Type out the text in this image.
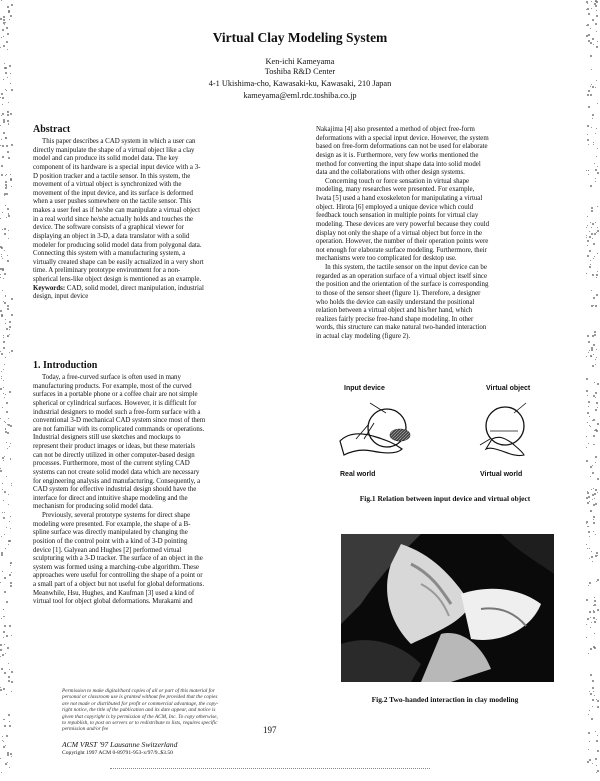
Virtual Clay Modeling System
Ken-ichi Kameyama
Toshiba R&D Center
4-1 Ukishima-cho, Kawasaki-ku, Kawasaki, 210 Japan
kameyama@eml.rdc.toshiba.co.jp
Abstract
This paper describes a CAD system in which a user can
directly manipulate the shape of a virtual object like a clay
model and can produce its solid model data. The key
component of its hardware is a special input device with a 3-
D position tracker and a tactile sensor. In this system, the
movement of a virtual object is synchronized with the
movement of the input device, and its surface is deformed
when a user pushes somewhere on the tactile sensor. This
makes a user feel as if he/she can manipulate a virtual object
in a real world since he/she actually holds and touches the
device. The software consists of a graphical viewer for
displaying an object in 3-D, a data translator with a solid
modeler for producing solid model data from polygonal data.
Connecting this system with a manufacturing system, a
virtually created shape can be easily actualized in a very short
time. A preliminary prototype environment for a non-
spherical lens-like object design is mentioned as an example.
Keywords: CAD, solid model, direct manipulation, industrial
design, input device
1. Introduction
Today, a free-curved surface is often used in many
manufacturing products. For example, most of the curved
surfaces in a portable phone or a coffee chair are not simple
spherical or cylindrical surfaces. However, it is difficult for
industrial designers to model such a free-form surface with a
conventional 3-D mechanical CAD system since most of them
are not familiar with its complicated commands or operations.
Industrial designers still use sketches and mockups to
represent their product images or ideas, but these materials
can not be directly utilized in other computer-based design
processes. Furthermore, most of the current styling CAD
systems can not create solid model data which are necessary
for engineering analysis and manufacturing. Consequently, a
CAD system for effective industrial design should have the
interface for direct and intuitive shape modeling and the
mechanism for producing solid model data.
Previously, several prototype systems for direct shape
modeling were presented. For example, the shape of a B-
spline surface was directly manipulated by changing the
position of the control point with a kind of 3-D pointing
device [1]. Galyean and Hughes [2] performed virtual
sculpturing with a 3-D tracker. The surface of an object in the
system was formed using a marching-cube algorithm. These
approaches were useful for controlling the shape of a point or
a small part of a object but not useful for global deformations.
Meanwhile, Hsu, Hughes, and Kaufman [3] used a kind of
virtual tool for object global deformations. Murakami and
Nakajima [4] also presented a method of object free-form
deformations with a special input device. However, the system
based on free-form deformations can not be used for elaborate
design as it is. Furthermore, very few works mentioned the
method for converting the input shape data into solid model
data and the collaborations with other design systems.
Concerning touch or force sensation in virtual shape
modeling, many researches were presented. For example,
Iwata [5] used a hand exoskeleton for manipulating a virtual
object. Hirota [6] employed a unique device which could
feedback touch sensation in multiple points for virtual clay
modeling. These devices are very powerful because they could
display not only the shape of a virtual object but force in the
operation. However, the number of their operation points were
not enough for elaborate surface modeling. Furthermore, their
mechanisms were too complicated for desktop use.
In this system, the tactile sensor on the input device can be
regarded as an operation surface of a virtual object itself since
the position and the orientation of the surface is corresponding
to those of the sensor sheet (figure 1). Therefore, a designer
who holds the device can easily understand the positional
relation between a virtual object and his/her hand, which
realizes fairly precise free-hand shape modeling. In other
words, this structure can make natural two-handed interaction
in actual clay modeling (figure 2).
Input device	Virtual object
Real world	Virtual world
Fig.1 Relation between input device and virtual object
Fig.2 Two-handed interaction in clay modeling
Permission to make digital/hard copies of all or part of this material for
personal or classroom use is granted without fee provided that the copies
are not made or distributed for profit or commercial advantage, the copy-
right notice, the title of the publication and its date appear, and notice is
given that copyright is by permission of the ACM, Inc. To copy otherwise,
to republish, to post on servers or to redistribute to lists, requires specific
permission and/or fee
ACM VRST '97 Lausanne Switzerland
Copyright 1997 ACM 0-89791-953-x/97/9..$3.50
197
